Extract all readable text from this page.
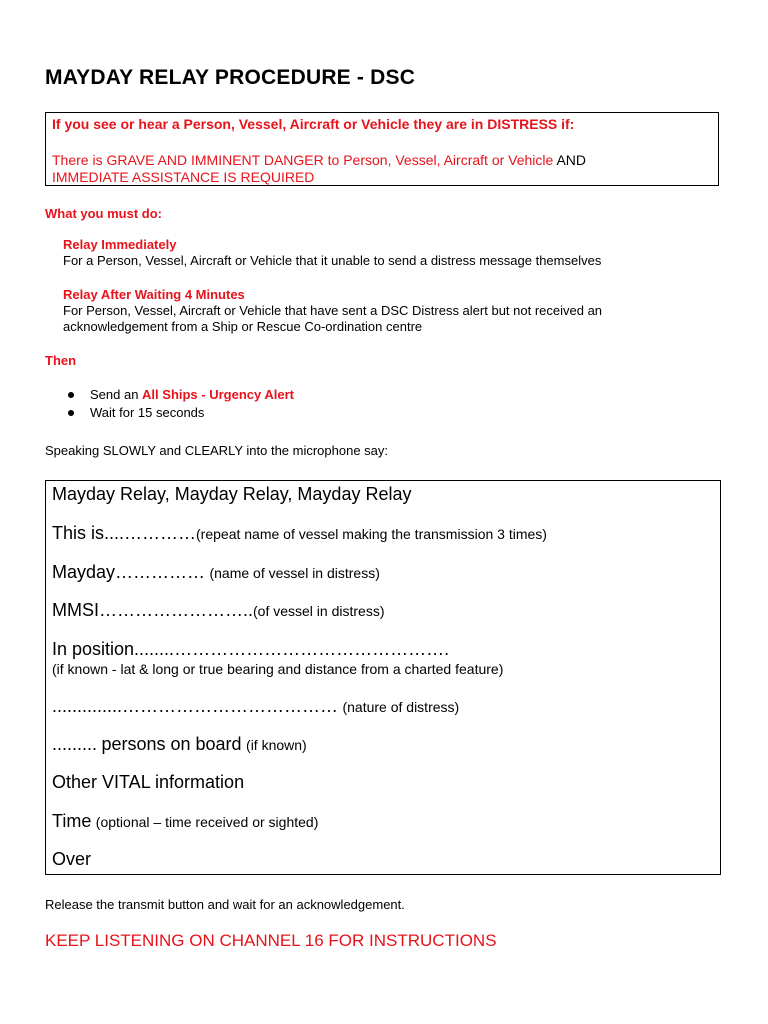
MAYDAY RELAY PROCEDURE - DSC
If you see or hear a Person, Vessel, Aircraft or Vehicle they are in DISTRESS if:
There is GRAVE AND IMMINENT DANGER to Person, Vessel, Aircraft or Vehicle AND
IMMEDIATE ASSISTANCE IS REQUIRED
What you must do:
Relay Immediately
For a Person, Vessel, Aircraft or Vehicle that it unable to send a distress message themselves
Relay After Waiting 4 Minutes
For Person, Vessel, Aircraft or Vehicle that have sent a DSC Distress alert but not received an
acknowledgement from a Ship or Rescue Co-ordination centre
Then
Send an All Ships - Urgency Alert
Wait for 15 seconds
Speaking SLOWLY and CLEARLY into the microphone say:
Mayday Relay, Mayday Relay, Mayday Relay
This is....…………(repeat name of vessel making the transmission 3 times)
Mayday…………… (name of vessel in distress)
MMSI……………………..(of vessel in distress)
In position........……………………………………….
(if known - lat & long or true bearing and distance from a charted feature)
..............……………………………… (nature of distress)
......... persons on board (if known)
Other VITAL information
Time (optional – time received or sighted)
Over
Release the transmit button and wait for an acknowledgement.
KEEP LISTENING ON CHANNEL 16 FOR INSTRUCTIONS
